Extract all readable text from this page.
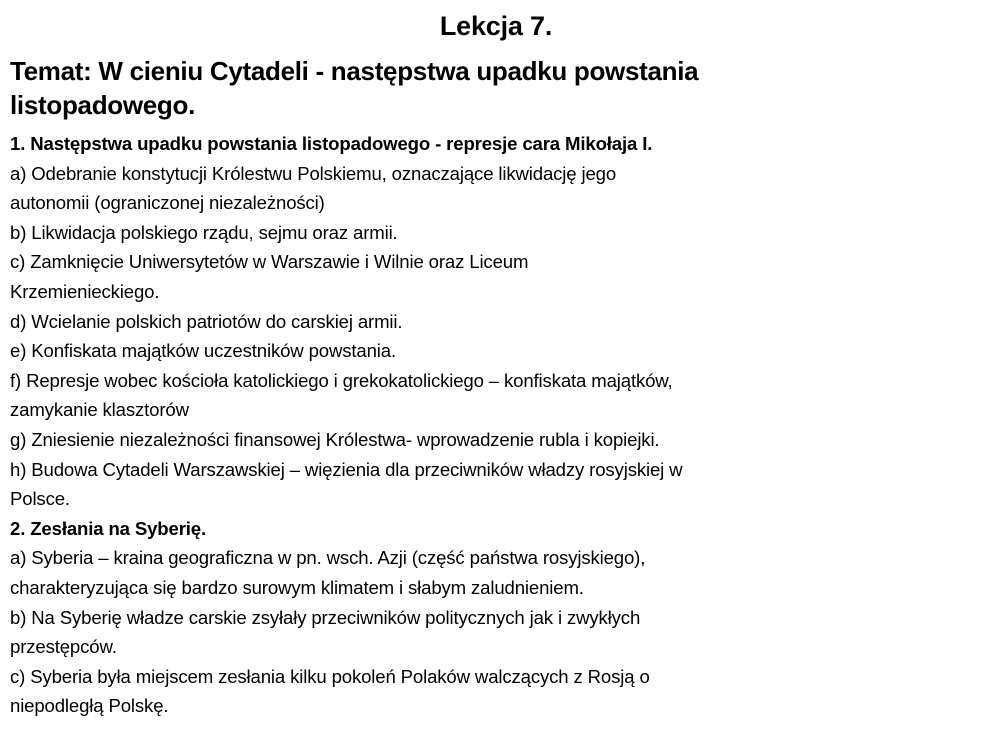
Lekcja 7.
Temat: W cieniu Cytadeli - następstwa upadku powstania
listopadowego.
1. Następstwa upadku powstania listopadowego - represje cara Mikołaja I.
a) Odebranie konstytucji Królestwu Polskiemu, oznaczające likwidację jego
autonomii (ograniczonej niezależności)
b) Likwidacja polskiego rządu, sejmu oraz armii.
c) Zamknięcie Uniwersytetów w Warszawie i Wilnie oraz Liceum
Krzemienieckiego.
d) Wcielanie polskich patriotów do carskiej armii.
e) Konfiskata majątków uczestników powstania.
f) Represje wobec kościoła katolickiego i grekokatolickiego – konfiskata majątków,
zamykanie klasztorów
g) Zniesienie niezależności finansowej Królestwa- wprowadzenie rubla i kopiejki.
h) Budowa Cytadeli Warszawskiej – więzienia dla przeciwników władzy rosyjskiej w
Polsce.
2. Zesłania na Syberię.
a) Syberia – kraina geograficzna w pn. wsch. Azji (część państwa rosyjskiego),
charakteryzująca się bardzo surowym klimatem i słabym zaludnieniem.
b) Na Syberię władze carskie zsyłały przeciwników politycznych jak i zwykłych
przestępców.
c) Syberia była miejscem zesłania kilku pokoleń Polaków walczących z Rosją o
niepodległą Polskę.
